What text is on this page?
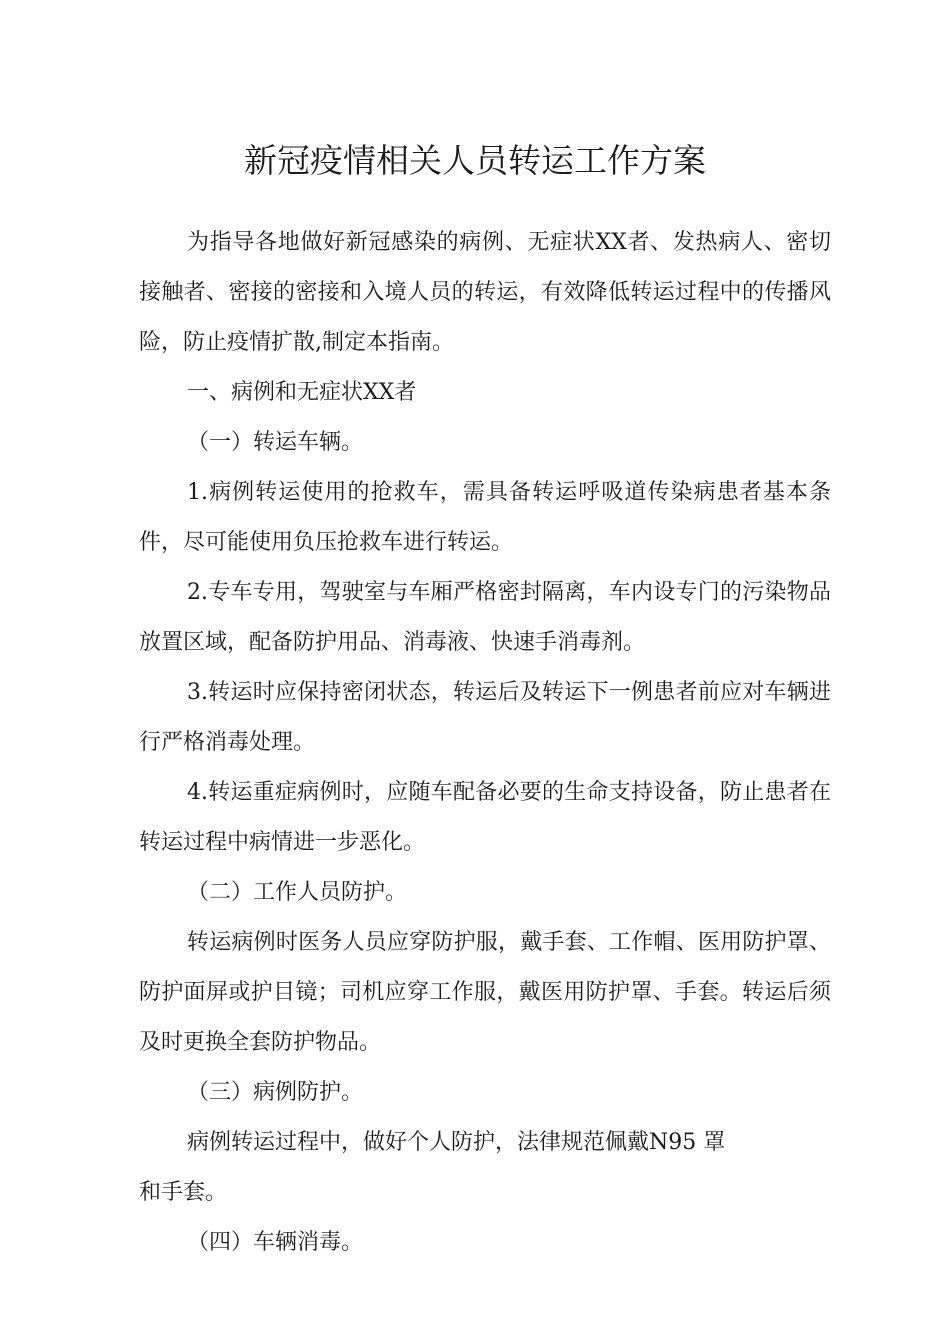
新冠疫情相关人员转运工作方案

为指导各地做好新冠感染的病例、无症状XX者、发热病人、密切接触者、密接的密接和入境人员的转运，有效降低转运过程中的传播风险，防止疫情扩散,制定本指南。

一、病例和无症状XX者

（一）转运车辆。

1.病例转运使用的抢救车，需具备转运呼吸道传染病患者基本条件，尽可能使用负压抢救车进行转运。

2.专车专用，驾驶室与车厢严格密封隔离，车内设专门的污染物品放置区域，配备防护用品、消毒液、快速手消毒剂。

3.转运时应保持密闭状态，转运后及转运下一例患者前应对车辆进行严格消毒处理。

4.转运重症病例时，应随车配备必要的生命支持设备，防止患者在转运过程中病情进一步恶化。

（二）工作人员防护。

转运病例时医务人员应穿防护服，戴手套、工作帽、医用防护罩、防护面屏或护目镜；司机应穿工作服，戴医用防护罩、手套。转运后须及时更换全套防护物品。

（三）病例防护。

病例转运过程中，做好个人防护，法律规范佩戴N95 罩

和手套。

（四）车辆消毒。
